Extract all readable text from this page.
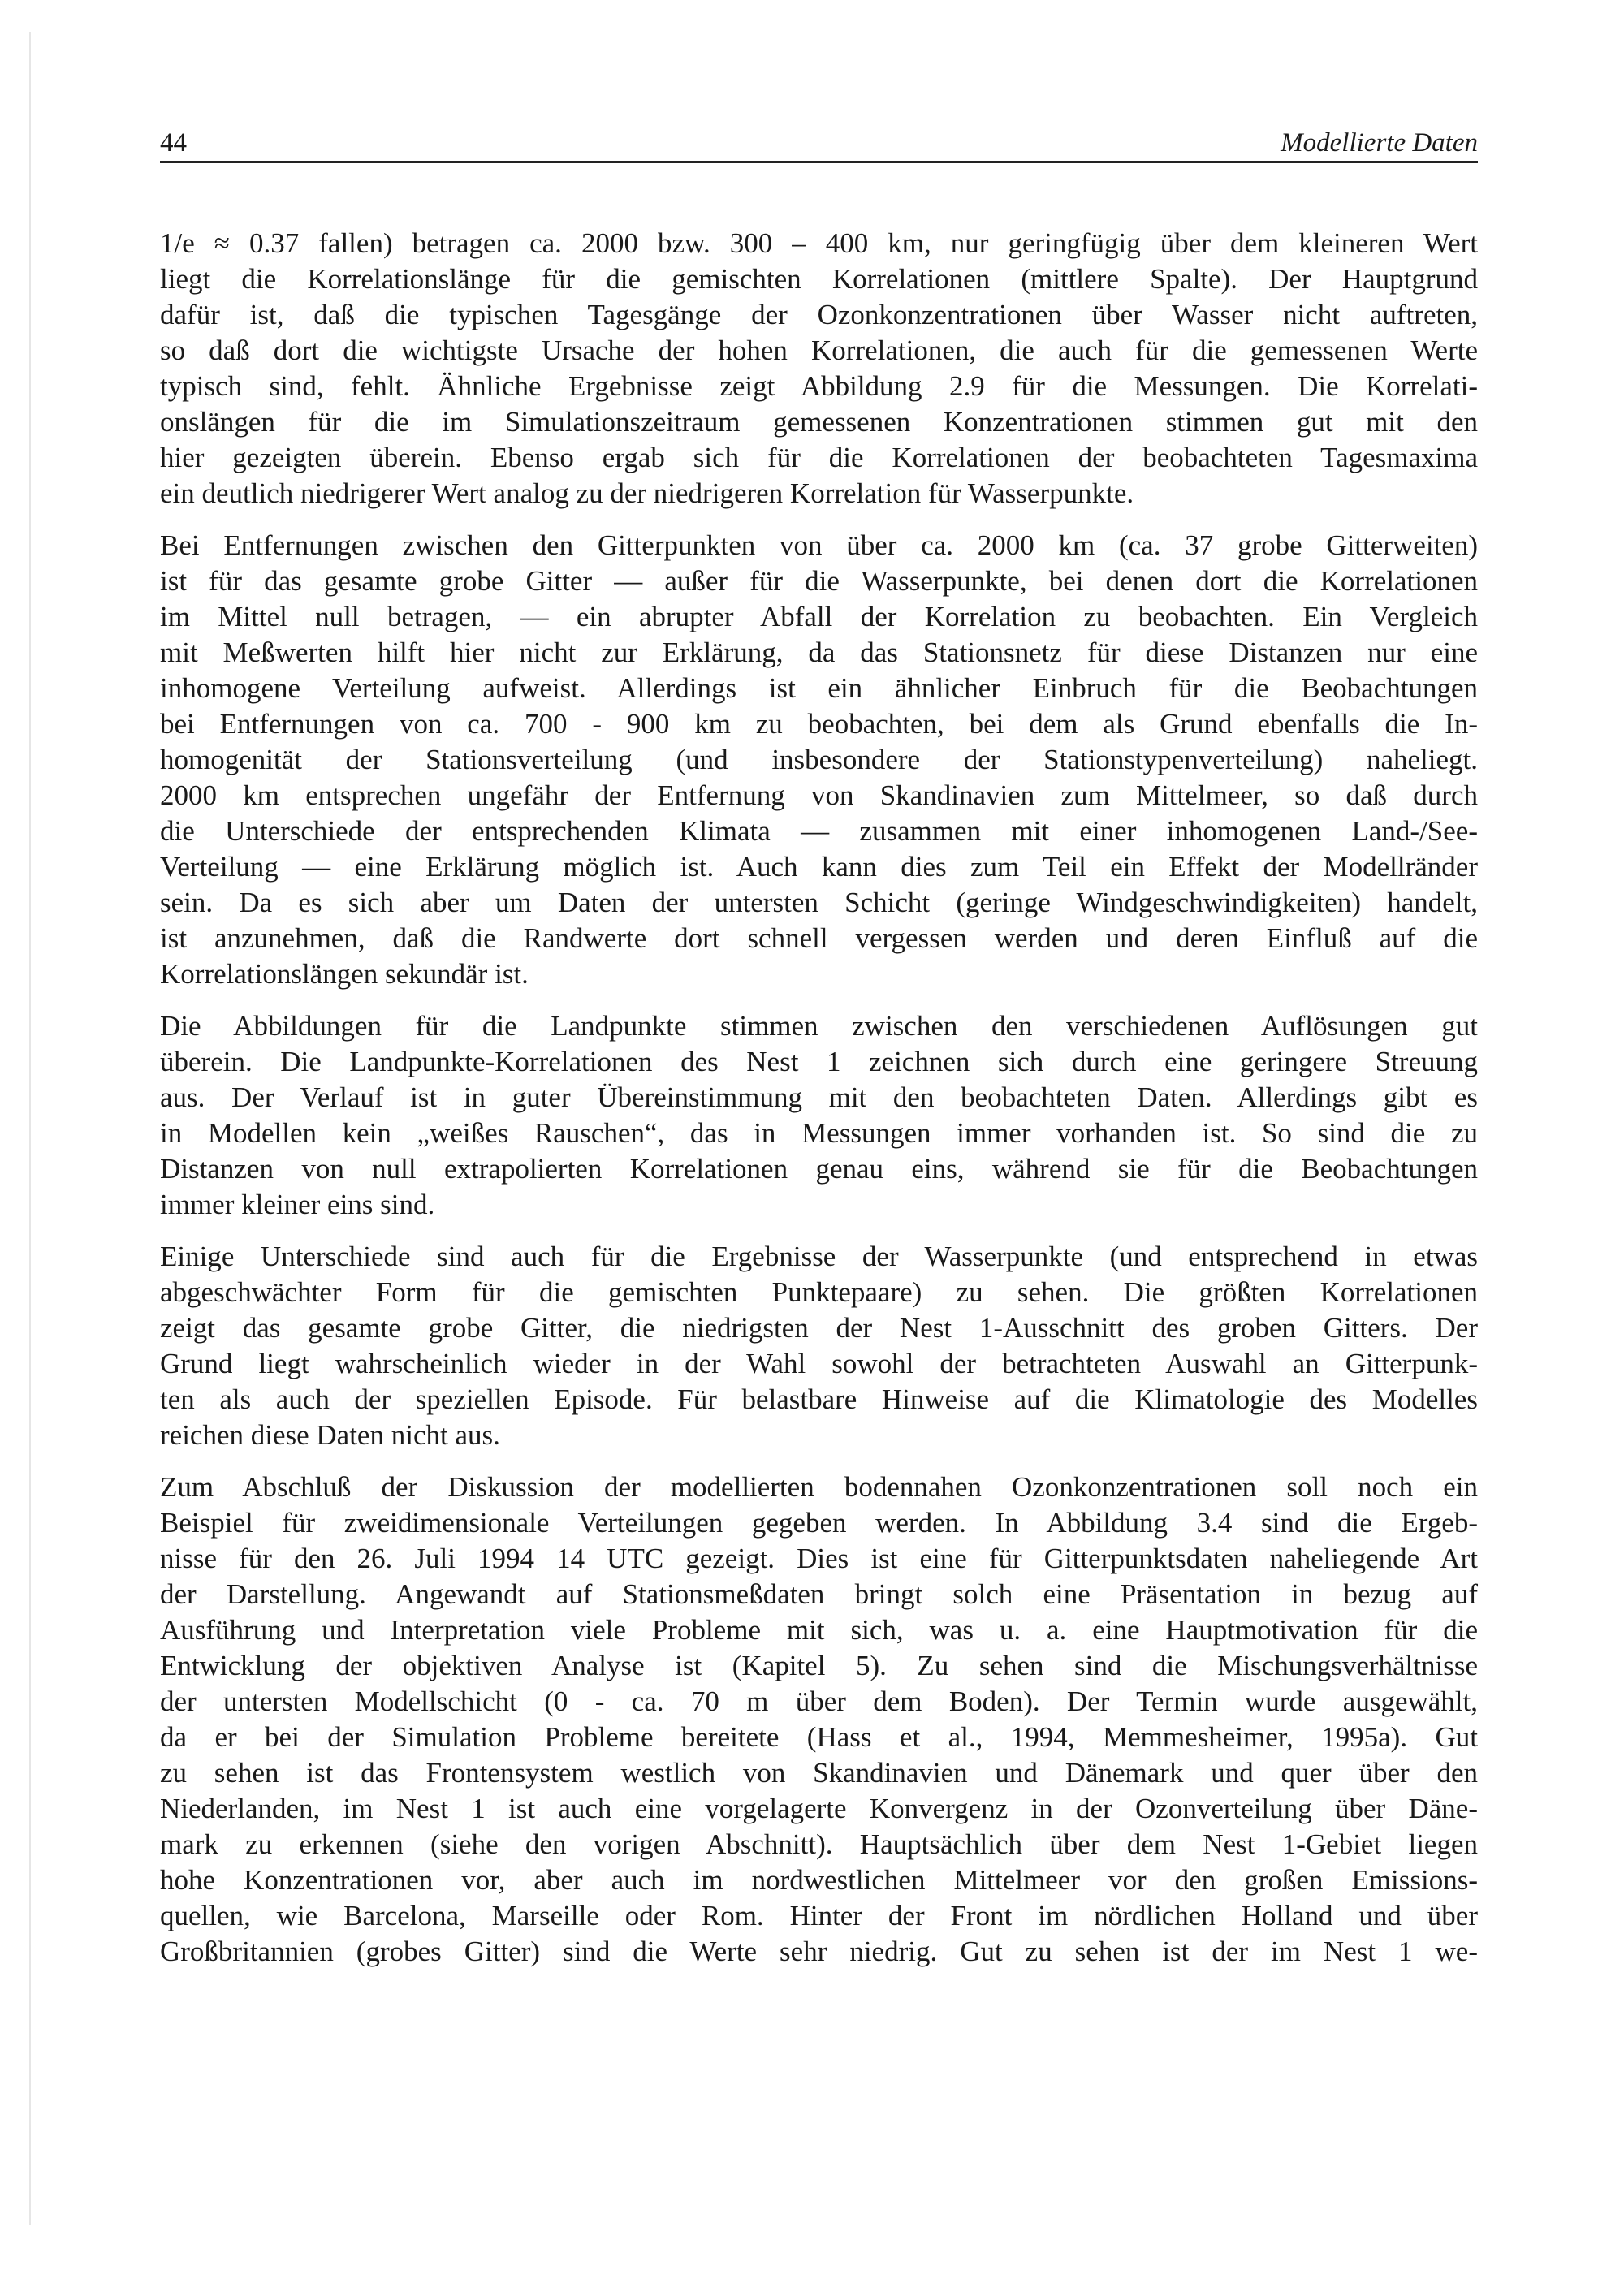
44	Modellierte Daten
1/e ≈ 0.37 fallen) betragen ca. 2000 bzw. 300 – 400 km, nur geringfügig über dem kleineren Wert
liegt die Korrelationslänge für die gemischten Korrelationen (mittlere Spalte). Der Hauptgrund
dafür ist, daß die typischen Tagesgänge der Ozonkonzentrationen über Wasser nicht auftreten,
so daß dort die wichtigste Ursache der hohen Korrelationen, die auch für die gemessenen Werte
typisch sind, fehlt. Ähnliche Ergebnisse zeigt Abbildung 2.9 für die Messungen. Die Korrelati-
onslängen für die im Simulationszeitraum gemessenen Konzentrationen stimmen gut mit den
hier gezeigten überein. Ebenso ergab sich für die Korrelationen der beobachteten Tagesmaxima
ein deutlich niedrigerer Wert analog zu der niedrigeren Korrelation für Wasserpunkte.
Bei Entfernungen zwischen den Gitterpunkten von über ca. 2000 km (ca. 37 grobe Gitterweiten)
ist für das gesamte grobe Gitter — außer für die Wasserpunkte, bei denen dort die Korrelationen
im Mittel null betragen, — ein abrupter Abfall der Korrelation zu beobachten. Ein Vergleich
mit Meßwerten hilft hier nicht zur Erklärung, da das Stationsnetz für diese Distanzen nur eine
inhomogene Verteilung aufweist. Allerdings ist ein ähnlicher Einbruch für die Beobachtungen
bei Entfernungen von ca. 700 - 900 km zu beobachten, bei dem als Grund ebenfalls die In-
homogenität der Stationsverteilung (und insbesondere der Stationstypenverteilung) naheliegt.
2000 km entsprechen ungefähr der Entfernung von Skandinavien zum Mittelmeer, so daß durch
die Unterschiede der entsprechenden Klimata — zusammen mit einer inhomogenen Land-/See-
Verteilung — eine Erklärung möglich ist. Auch kann dies zum Teil ein Effekt der Modellränder
sein. Da es sich aber um Daten der untersten Schicht (geringe Windgeschwindigkeiten) handelt,
ist anzunehmen, daß die Randwerte dort schnell vergessen werden und deren Einfluß auf die
Korrelationslängen sekundär ist.
Die Abbildungen für die Landpunkte stimmen zwischen den verschiedenen Auflösungen gut
überein. Die Landpunkte-Korrelationen des Nest 1 zeichnen sich durch eine geringere Streuung
aus. Der Verlauf ist in guter Übereinstimmung mit den beobachteten Daten. Allerdings gibt es
in Modellen kein „weißes Rauschen“, das in Messungen immer vorhanden ist. So sind die zu
Distanzen von null extrapolierten Korrelationen genau eins, während sie für die Beobachtungen
immer kleiner eins sind.
Einige Unterschiede sind auch für die Ergebnisse der Wasserpunkte (und entsprechend in etwas
abgeschwächter Form für die gemischten Punktepaare) zu sehen. Die größten Korrelationen
zeigt das gesamte grobe Gitter, die niedrigsten der Nest 1-Ausschnitt des groben Gitters. Der
Grund liegt wahrscheinlich wieder in der Wahl sowohl der betrachteten Auswahl an Gitterpunk-
ten als auch der speziellen Episode. Für belastbare Hinweise auf die Klimatologie des Modelles
reichen diese Daten nicht aus.
Zum Abschluß der Diskussion der modellierten bodennahen Ozonkonzentrationen soll noch ein
Beispiel für zweidimensionale Verteilungen gegeben werden. In Abbildung 3.4 sind die Ergeb-
nisse für den 26. Juli 1994 14 UTC gezeigt. Dies ist eine für Gitterpunktsdaten naheliegende Art
der Darstellung. Angewandt auf Stationsmeßdaten bringt solch eine Präsentation in bezug auf
Ausführung und Interpretation viele Probleme mit sich, was u. a. eine Hauptmotivation für die
Entwicklung der objektiven Analyse ist (Kapitel 5). Zu sehen sind die Mischungsverhältnisse
der untersten Modellschicht (0 - ca. 70 m über dem Boden). Der Termin wurde ausgewählt,
da er bei der Simulation Probleme bereitete (Hass et al., 1994, Memmesheimer, 1995a). Gut
zu sehen ist das Frontensystem westlich von Skandinavien und Dänemark und quer über den
Niederlanden, im Nest 1 ist auch eine vorgelagerte Konvergenz in der Ozonverteilung über Däne-
mark zu erkennen (siehe den vorigen Abschnitt). Hauptsächlich über dem Nest 1-Gebiet liegen
hohe Konzentrationen vor, aber auch im nordwestlichen Mittelmeer vor den großen Emissions-
quellen, wie Barcelona, Marseille oder Rom. Hinter der Front im nördlichen Holland und über
Großbritannien (grobes Gitter) sind die Werte sehr niedrig. Gut zu sehen ist der im Nest 1 we-
